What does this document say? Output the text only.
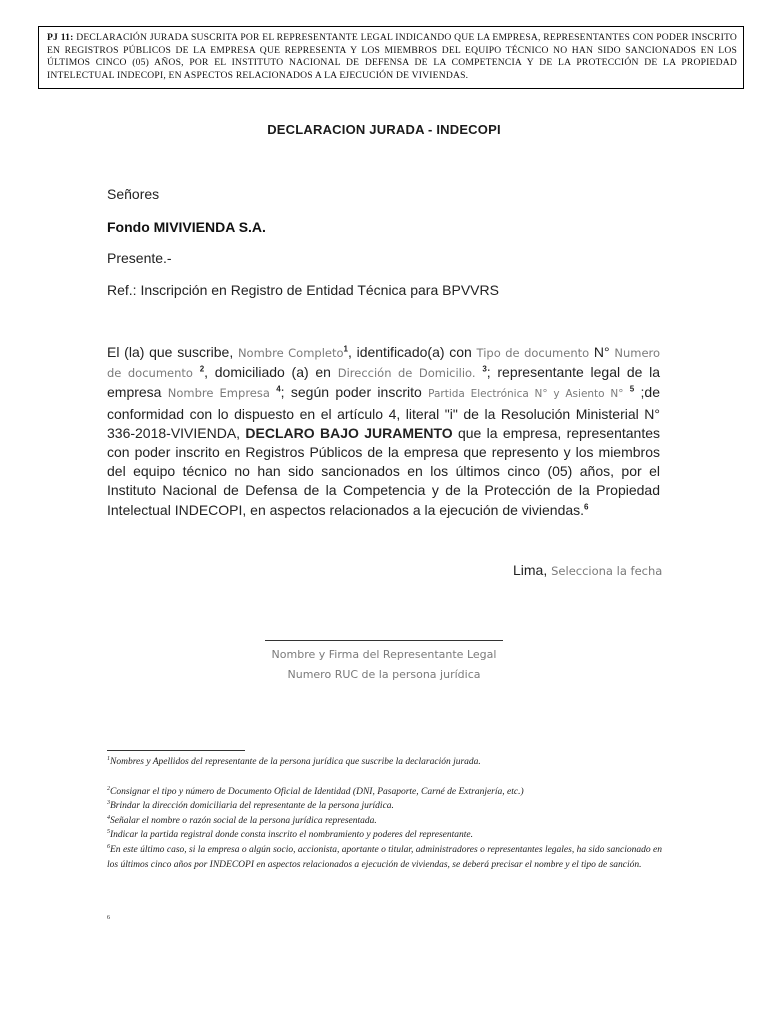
PJ 11: DECLARACIÓN JURADA SUSCRITA POR EL REPRESENTANTE LEGAL INDICANDO QUE LA EMPRESA, REPRESENTANTES CON PODER INSCRITO EN REGISTROS PÚBLICOS DE LA EMPRESA QUE REPRESENTA Y LOS MIEMBROS DEL EQUIPO TÉCNICO NO HAN SIDO SANCIONADOS EN LOS ÚLTIMOS CINCO (05) AÑOS, POR EL INSTITUTO NACIONAL DE DEFENSA DE LA COMPETENCIA Y DE LA PROTECCIÓN DE LA PROPIEDAD INTELECTUAL INDECOPI, EN ASPECTOS RELACIONADOS A LA EJECUCIÓN DE VIVIENDAS.
DECLARACION JURADA - INDECOPI
Señores
Fondo MIVIVIENDA S.A.
Presente.-
Ref.: Inscripción en Registro de Entidad Técnica para BPVVRS
El (la) que suscribe, Nombre Completo$^1$, identificado(a) con Tipo de documento N° Numero de documento $^2$, domiciliado (a) en Dirección de Domicilio. $^3$; representante legal de la empresa Nombre Empresa $^4$; según poder inscrito Partida Electrónica N° y Asiento N° $^5$ ;de conformidad con lo dispuesto en el artículo 4, literal "i" de la Resolución Ministerial N° 336-2018-VIVIENDA, DECLARO BAJO JURAMENTO que la empresa, representantes con poder inscrito en Registros Públicos de la empresa que represento y los miembros del equipo técnico no han sido sancionados en los últimos cinco (05) años, por el Instituto Nacional de Defensa de la Competencia y de la Protección de la Propiedad Intelectual INDECOPI, en aspectos relacionados a la ejecución de viviendas.$^6$
Lima, Selecciona la fecha
Nombre y Firma del Representante Legal
Numero RUC de la persona jurídica
$^1$Nombres y Apellidos del representante de la persona jurídica que suscribe la declaración jurada.
$^2$Consignar el tipo y número de Documento Oficial de Identidad (DNI, Pasaporte, Carné de Extranjería, etc.)
$^3$Brindar la dirección domiciliaria del representante de la persona jurídica.
$^4$Señalar el nombre o razón social de la persona jurídica representada.
$^5$Indicar la partida registral donde consta inscrito el nombramiento y poderes del representante.
$^6$En este último caso, si la empresa o algún socio, accionista, aportante o titular, administradores o representantes legales, ha sido sancionado en los últimos cinco años por INDECOPI en aspectos relacionados a ejecución de viviendas, se deberá precisar el nombre y el tipo de sanción.
6
